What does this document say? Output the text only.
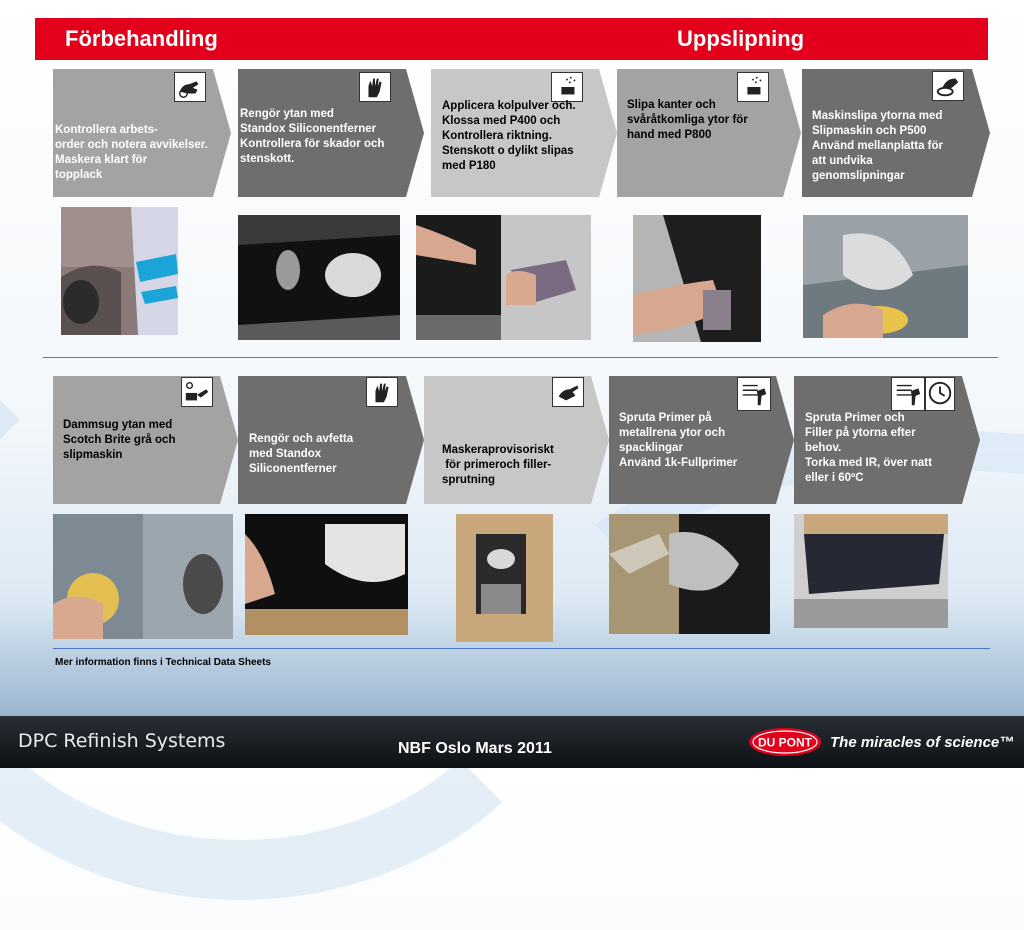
Förbehandling	Uppslipning
Kontrollera arbets-
order och notera avvikelser.
Maskera klart för
topplack
Rengör ytan med
Standox Siliconentferner
Kontrollera för skador och
stenskott.
Applicera kolpulver och.
Klossa med P400 och
Kontrollera riktning.
Stenskott o dylikt slipas
med P180
Slipa kanter och
svåråtkomliga ytor för
hand med P800
Maskinslipa ytorna med
Slipmaskin och P500
Använd mellanplatta för
att undvika
genomslipningar
Dammsug ytan med
Scotch Brite grå och
slipmaskin
Rengör och avfetta
med Standox
Siliconentferner
Maskeraprovisoriskt
för primeroch filler-
sprutning
Spruta Primer på
metallrena ytor och
spacklingar
Använd 1k-Fullprimer
Spruta Primer och
Filler på ytorna efter
behov.
Torka med IR, över natt
eller i 60ºC
Mer information finns i Technical Data Sheets
DPC Refinish Systems	NBF Oslo Mars 2011	DU PONT The miracles of science™
